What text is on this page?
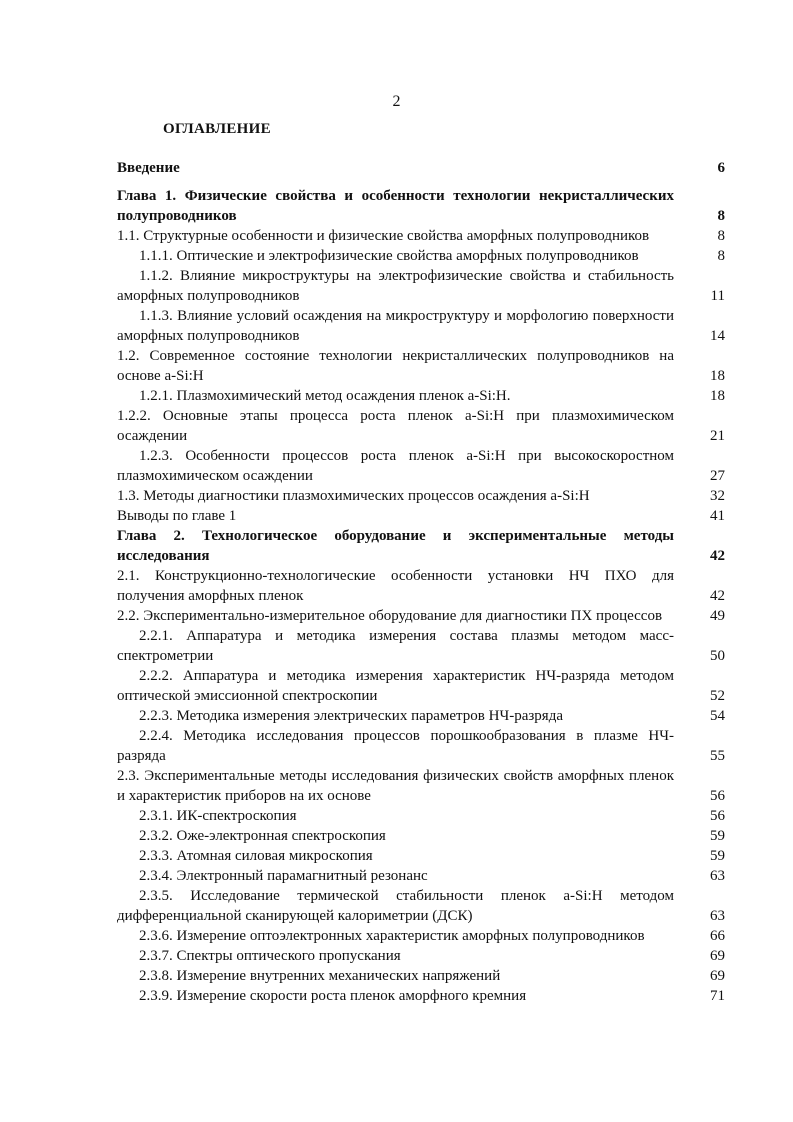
2
ОГЛАВЛЕНИЕ
Введение	6
Глава 1. Физические свойства и особенности технологии некристаллических полупроводников	8
1.1. Структурные особенности и физические свойства аморфных полупроводников	8
1.1.1. Оптические и электрофизические свойства аморфных полупроводников	8
1.1.2. Влияние микроструктуры на электрофизические свойства и стабильность аморфных полупроводников	11
1.1.3. Влияние условий осаждения на микроструктуру и морфологию поверхности аморфных полупроводников	14
1.2. Современное состояние технологии некристаллических полупроводников на основе a-Si:H	18
1.2.1. Плазмохимический метод осаждения пленок a-Si:H.	18
1.2.2. Основные этапы процесса роста пленок a-Si:H при плазмохимическом осаждении	21
1.2.3. Особенности процессов роста пленок a-Si:H при высокоскоростном плазмохимическом осаждении	27
1.3. Методы диагностики плазмохимических процессов осаждения a-Si:H	32
Выводы по главе 1	41
Глава 2. Технологическое оборудование и экспериментальные методы исследования	42
2.1. Конструкционно-технологические особенности установки НЧ ПХО для получения аморфных пленок	42
2.2. Экспериментально-измерительное оборудование для диагностики ПХ процессов	49
2.2.1. Аппаратура и методика измерения состава плазмы методом масс-спектрометрии	50
2.2.2. Аппаратура и методика измерения характеристик НЧ-разряда методом оптической эмиссионной спектроскопии	52
2.2.3. Методика измерения электрических параметров НЧ-разряда	54
2.2.4. Методика исследования процессов порошкообразования в плазме НЧ-разряда	55
2.3. Экспериментальные методы исследования физических свойств аморфных пленок и характеристик приборов на их основе	56
2.3.1. ИК-спектроскопия	56
2.3.2. Оже-электронная спектроскопия	59
2.3.3. Атомная силовая микроскопия	59
2.3.4. Электронный парамагнитный резонанс	63
2.3.5. Исследование термической стабильности пленок a-Si:H методом дифференциальной сканирующей калориметрии (ДСК)	63
2.3.6. Измерение оптоэлектронных характеристик аморфных полупроводников	66
2.3.7. Спектры оптического пропускания	69
2.3.8. Измерение внутренних механических напряжений	69
2.3.9. Измерение скорости роста пленок аморфного кремния	71
